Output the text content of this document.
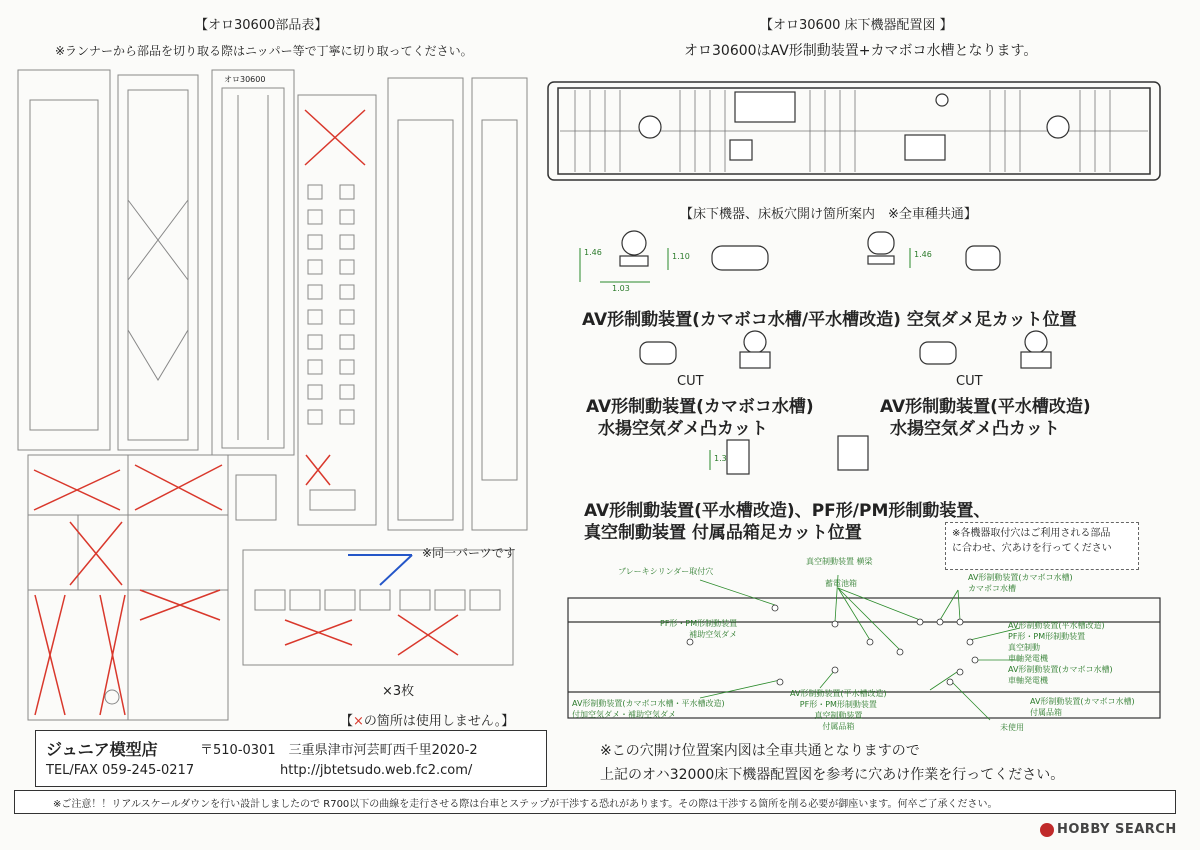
【オロ30600部品表】
※ランナーから部品を切り取る際はニッパー等で丁寧に切り取ってください。
オロ30600
※同一パーツです
×3枚
【×の箇所は使用しません。】
ジュニア模型店	〒510-0301　三重県津市河芸町西千里2020-2
TEL/FAX 059-245-0217	http://jbtetsudo.web.fc2.com/
【オロ30600 床下機器配置図 】
オロ30600はAV形制動装置+カマボコ水槽となります。
【床下機器、床板穴開け箇所案内　※全車種共通】
1.46
1.03
1.10	1.46
1.3
AV形制動装置(カマボコ水槽/平水槽改造) 空気ダメ足カット位置
CUT	CUT
AV形制動装置(カマボコ水槽)
水揚空気ダメ凸カット
AV形制動装置(平水槽改造)
水揚空気ダメ凸カット
AV形制動装置(平水槽改造)、PF形/PM形制動装置、
真空制動装置 付属品箱足カット位置	※各機器取付穴はご利用される部品
に合わせ、穴あけを行ってください
ブレーキシリンダー取付穴
真空制動装置 横梁
蓄電池箱
PF形・PM形制動装置
補助空気ダメ
AV形制動装置(カマボコ水槽)
カマボコ水槽
AV形制動装置(平水槽改造)
PF形・PM形制動装置
真空制動
車軸発電機
AV形制動装置(カマボコ水槽)
車軸発電機
AV形制動装置(カマボコ水槽・平水槽改造)
付加空気ダメ・補助空気ダメ
AV形制動装置(平水槽改造)
PF形・PM形制動装置
真空制動装置
付属品箱
AV形制動装置(カマボコ水槽)
付属品箱
未使用
※この穴開け位置案内図は全車共通となりますので
上記のオハ32000床下機器配置図を参考に穴あけ作業を行ってください。
※ご注意！！リアルスケールダウンを行い設計しましたので R700以下の曲線を走行させる際は台車とステップが干渉する恐れがあります。その際は干渉する箇所を削る必要が御座います。何卒ご了承ください。
HOBBY SEARCH
